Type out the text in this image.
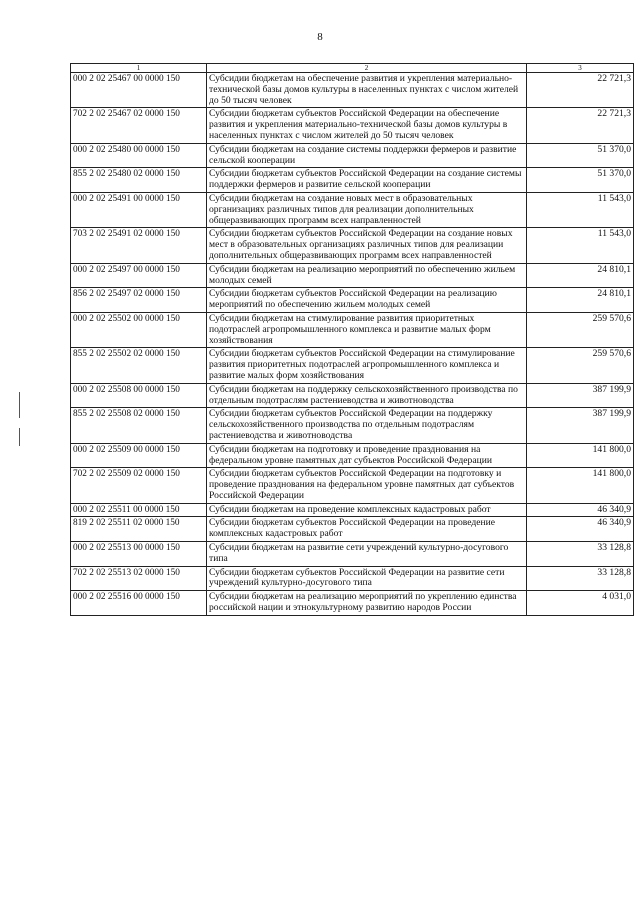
8
1	2	3
000 2 02 25467 00 0000 150	Субсидии бюджетам на обеспечение развития и укрепления материально-технической базы домов культуры в населенных пунктах с числом жителей до 50 тысяч человек	22 721,3
702 2 02 25467 02 0000 150	Субсидии бюджетам субъектов Российской Федерации на обеспечение развития и укрепления материально-технической базы домов культуры в населенных пунктах с числом жителей до 50 тысяч человек	22 721,3
000 2 02 25480 00 0000 150	Субсидии бюджетам на создание системы поддержки фермеров и развитие сельской кооперации	51 370,0
855 2 02 25480 02 0000 150	Субсидии бюджетам субъектов Российской Федерации на создание системы поддержки фермеров и развитие сельской кооперации	51 370,0
000 2 02 25491 00 0000 150	Субсидии бюджетам на создание новых мест в образовательных организациях различных типов для реализации дополнительных общеразвивающих программ всех направленностей	11 543,0
703 2 02 25491 02 0000 150	Субсидии бюджетам субъектов Российской Федерации на создание новых мест в образовательных организациях различных типов для реализации дополнительных общеразвивающих программ всех направленностей	11 543,0
000 2 02 25497 00 0000 150	Субсидии бюджетам на реализацию мероприятий по обеспечению жильем молодых семей	24 810,1
856 2 02 25497 02 0000 150	Субсидии бюджетам субъектов Российской Федерации на реализацию мероприятий по обеспечению жильем молодых семей	24 810,1
000 2 02 25502 00 0000 150	Субсидии бюджетам на стимулирование развития приоритетных подотраслей агропромышленного комплекса и развитие малых форм хозяйствования	259 570,6
855 2 02 25502 02 0000 150	Субсидии бюджетам субъектов Российской Федерации на стимулирование развития приоритетных подотраслей агропромышленного комплекса и развитие малых форм хозяйствования	259 570,6
000 2 02 25508 00 0000 150	Субсидии бюджетам на поддержку сельскохозяйственного производства по отдельным подотраслям растениеводства и животноводства	387 199,9
855 2 02 25508 02 0000 150	Субсидии бюджетам субъектов Российской Федерации на поддержку сельскохозяйственного производства по отдельным подотраслям растениеводства и животноводства	387 199,9
000 2 02 25509 00 0000 150	Субсидии бюджетам на подготовку и проведение празднования на федеральном уровне памятных дат субъектов Российской Федерации	141 800,0
702 2 02 25509 02 0000 150	Субсидии бюджетам субъектов Российской Федерации на подготовку и проведение празднования на федеральном уровне памятных дат субъектов Российской Федерации	141 800,0
000 2 02 25511 00 0000 150	Субсидии бюджетам на проведение комплексных кадастровых работ	46 340,9
819 2 02 25511 02 0000 150	Субсидии бюджетам субъектов Российской Федерации на проведение комплексных кадастровых работ	46 340,9
000 2 02 25513 00 0000 150	Субсидии бюджетам на развитие сети учреждений культурно-досугового типа	33 128,8
702 2 02 25513 02 0000 150	Субсидии бюджетам субъектов Российской Федерации на развитие сети учреждений культурно-досугового типа	33 128,8
000 2 02 25516 00 0000 150	Субсидии бюджетам на реализацию мероприятий по укреплению единства российской нации и этнокультурному развитию народов России	4 031,0
